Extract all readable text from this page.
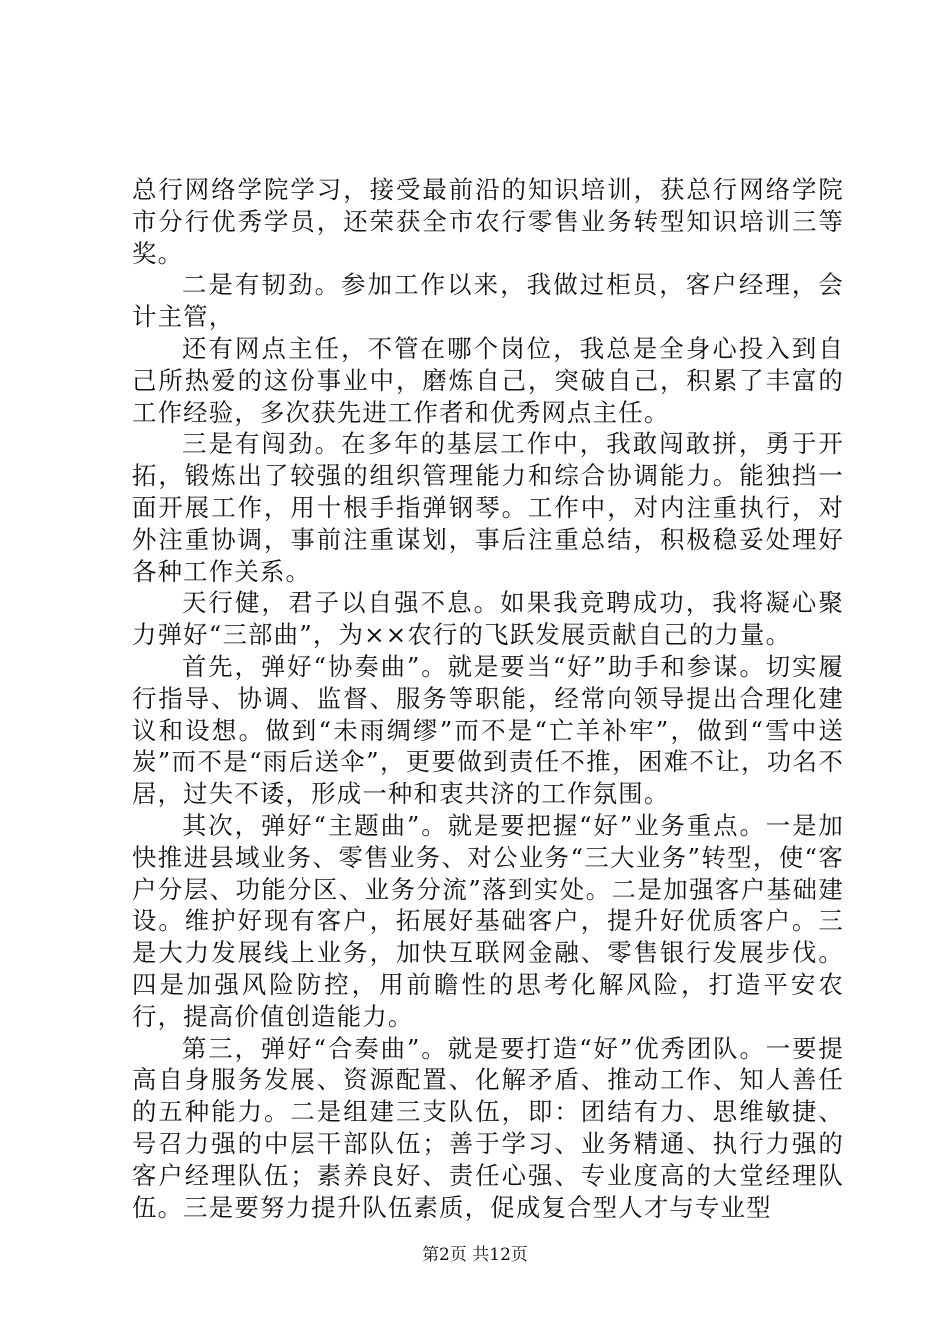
总行网络学院学习，接受最前沿的知识培训，获总行网络学院市分行优秀学员，还荣获全市农行零售业务转型知识培训三等奖。

二是有韧劲。参加工作以来，我做过柜员，客户经理，会计主管，

还有网点主任，不管在哪个岗位，我总是全身心投入到自己所热爱的这份事业中，磨炼自己，突破自己，积累了丰富的工作经验，多次获先进工作者和优秀网点主任。

三是有闯劲。在多年的基层工作中，我敢闯敢拼，勇于开拓，锻炼出了较强的组织管理能力和综合协调能力。能独挡一面开展工作，用十根手指弹钢琴。工作中，对内注重执行，对外注重协调，事前注重谋划，事后注重总结，积极稳妥处理好各种工作关系。

天行健，君子以自强不息。如果我竞聘成功，我将凝心聚力弹好“三部曲”，为××农行的飞跃发展贡献自己的力量。

首先，弹好“协奏曲”。就是要当“好”助手和参谋。切实履行指导、协调、监督、服务等职能，经常向领导提出合理化建议和设想。做到“未雨绸缪”而不是“亡羊补牢”，做到“雪中送炭”而不是“雨后送伞”，更要做到责任不推，困难不让，功名不居，过失不诿，形成一种和衷共济的工作氛围。

其次，弹好“主题曲”。就是要把握“好”业务重点。一是加快推进县域业务、零售业务、对公业务“三大业务”转型，使“客户分层、功能分区、业务分流”落到实处。二是加强客户基础建设。维护好现有客户，拓展好基础客户，提升好优质客户。三是大力发展线上业务，加快互联网金融、零售银行发展步伐。四是加强风险防控，用前瞻性的思考化解风险，打造平安农行，提高价值创造能力。

第三，弹好“合奏曲”。就是要打造“好”优秀团队。一要提高自身服务发展、资源配置、化解矛盾、推动工作、知人善任的五种能力。二是组建三支队伍，即：团结有力、思维敏捷、号召力强的中层干部队伍；善于学习、业务精通、执行力强的客户经理队伍；素养良好、责任心强、专业度高的大堂经理队伍。三是要努力提升队伍素质，促成复合型人才与专业型

第2页 共12页
